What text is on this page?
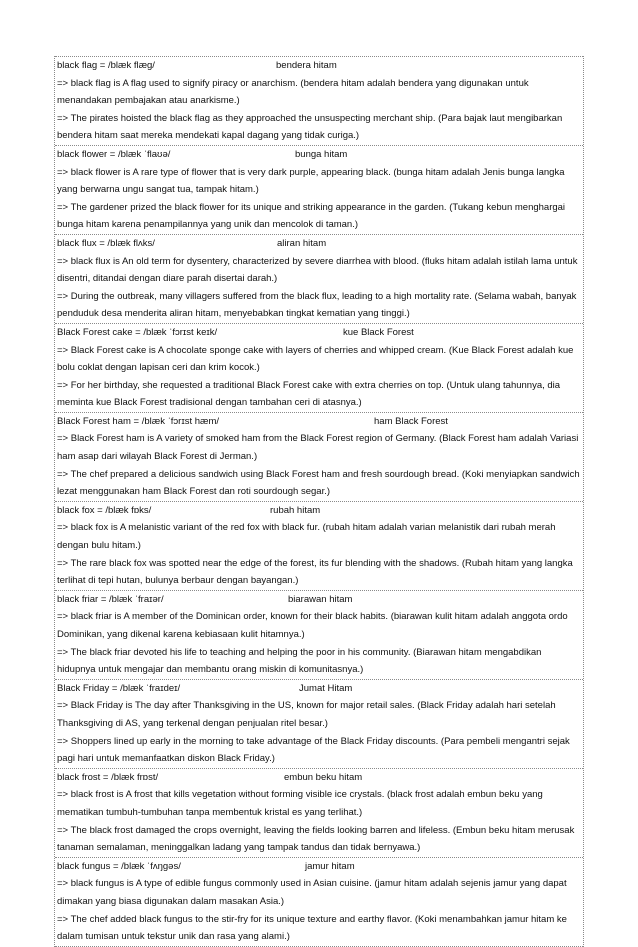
black flag = /blæk flæg/	bendera hitam
=> black flag is A flag used to signify piracy or anarchism. (bendera hitam adalah bendera yang digunakan untuk menandakan pembajakan atau anarkisme.)
=> The pirates hoisted the black flag as they approached the unsuspecting merchant ship. (Para bajak laut mengibarkan bendera hitam saat mereka mendekati kapal dagang yang tidak curiga.)
black flower = /blæk ˈflaʊə/	bunga hitam
=> black flower is A rare type of flower that is very dark purple, appearing black. (bunga hitam adalah Jenis bunga langka yang berwarna ungu sangat tua, tampak hitam.)
=> The gardener prized the black flower for its unique and striking appearance in the garden. (Tukang kebun menghargai bunga hitam karena penampilannya yang unik dan mencolok di taman.)
black flux = /blæk flʌks/	aliran hitam
=> black flux is An old term for dysentery, characterized by severe diarrhea with blood. (fluks hitam adalah istilah lama untuk disentri, ditandai dengan diare parah disertai darah.)
=> During the outbreak, many villagers suffered from the black flux, leading to a high mortality rate. (Selama wabah, banyak penduduk desa menderita aliran hitam, menyebabkan tingkat kematian yang tinggi.)
Black Forest cake = /blæk ˈfɔrɪst keɪk/	kue Black Forest
=> Black Forest cake is A chocolate sponge cake with layers of cherries and whipped cream. (Kue Black Forest adalah kue bolu coklat dengan lapisan ceri dan krim kocok.)
=> For her birthday, she requested a traditional Black Forest cake with extra cherries on top. (Untuk ulang tahunnya, dia meminta kue Black Forest tradisional dengan tambahan ceri di atasnya.)
Black Forest ham = /blæk ˈfɔrɪst hæm/	ham Black Forest
=> Black Forest ham is A variety of smoked ham from the Black Forest region of Germany. (Black Forest ham adalah Variasi ham asap dari wilayah Black Forest di Jerman.)
=> The chef prepared a delicious sandwich using Black Forest ham and fresh sourdough bread. (Koki menyiapkan sandwich lezat menggunakan ham Black Forest dan roti sourdough segar.)
black fox = /blæk fɒks/	rubah hitam
=> black fox is A melanistic variant of the red fox with black fur. (rubah hitam adalah varian melanistik dari rubah merah dengan bulu hitam.)
=> The rare black fox was spotted near the edge of the forest, its fur blending with the shadows. (Rubah hitam yang langka terlihat di tepi hutan, bulunya berbaur dengan bayangan.)
black friar = /blæk ˈfraɪər/	biarawan hitam
=> black friar is A member of the Dominican order, known for their black habits. (biarawan kulit hitam adalah anggota ordo Dominikan, yang dikenal karena kebiasaan kulit hitamnya.)
=> The black friar devoted his life to teaching and helping the poor in his community. (Biarawan hitam mengabdikan hidupnya untuk mengajar dan membantu orang miskin di komunitasnya.)
Black Friday = /blæk ˈfraɪdeɪ/	Jumat Hitam
=> Black Friday is The day after Thanksgiving in the US, known for major retail sales. (Black Friday adalah hari setelah Thanksgiving di AS, yang terkenal dengan penjualan ritel besar.)
=> Shoppers lined up early in the morning to take advantage of the Black Friday discounts. (Para pembeli mengantri sejak pagi hari untuk memanfaatkan diskon Black Friday.)
black frost = /blæk frɒst/	embun beku hitam
=> black frost is A frost that kills vegetation without forming visible ice crystals. (black frost adalah embun beku yang mematikan tumbuh-tumbuhan tanpa membentuk kristal es yang terlihat.)
=> The black frost damaged the crops overnight, leaving the fields looking barren and lifeless. (Embun beku hitam merusak tanaman semalaman, meninggalkan ladang yang tampak tandus dan tidak bernyawa.)
black fungus = /blæk ˈfʌŋɡəs/	jamur hitam
=> black fungus is A type of edible fungus commonly used in Asian cuisine. (jamur hitam adalah sejenis jamur yang dapat dimakan yang biasa digunakan dalam masakan Asia.)
=> The chef added black fungus to the stir-fry for its unique texture and earthy flavor. (Koki menambahkan jamur hitam ke dalam tumisan untuk tekstur unik dan rasa yang alami.)
